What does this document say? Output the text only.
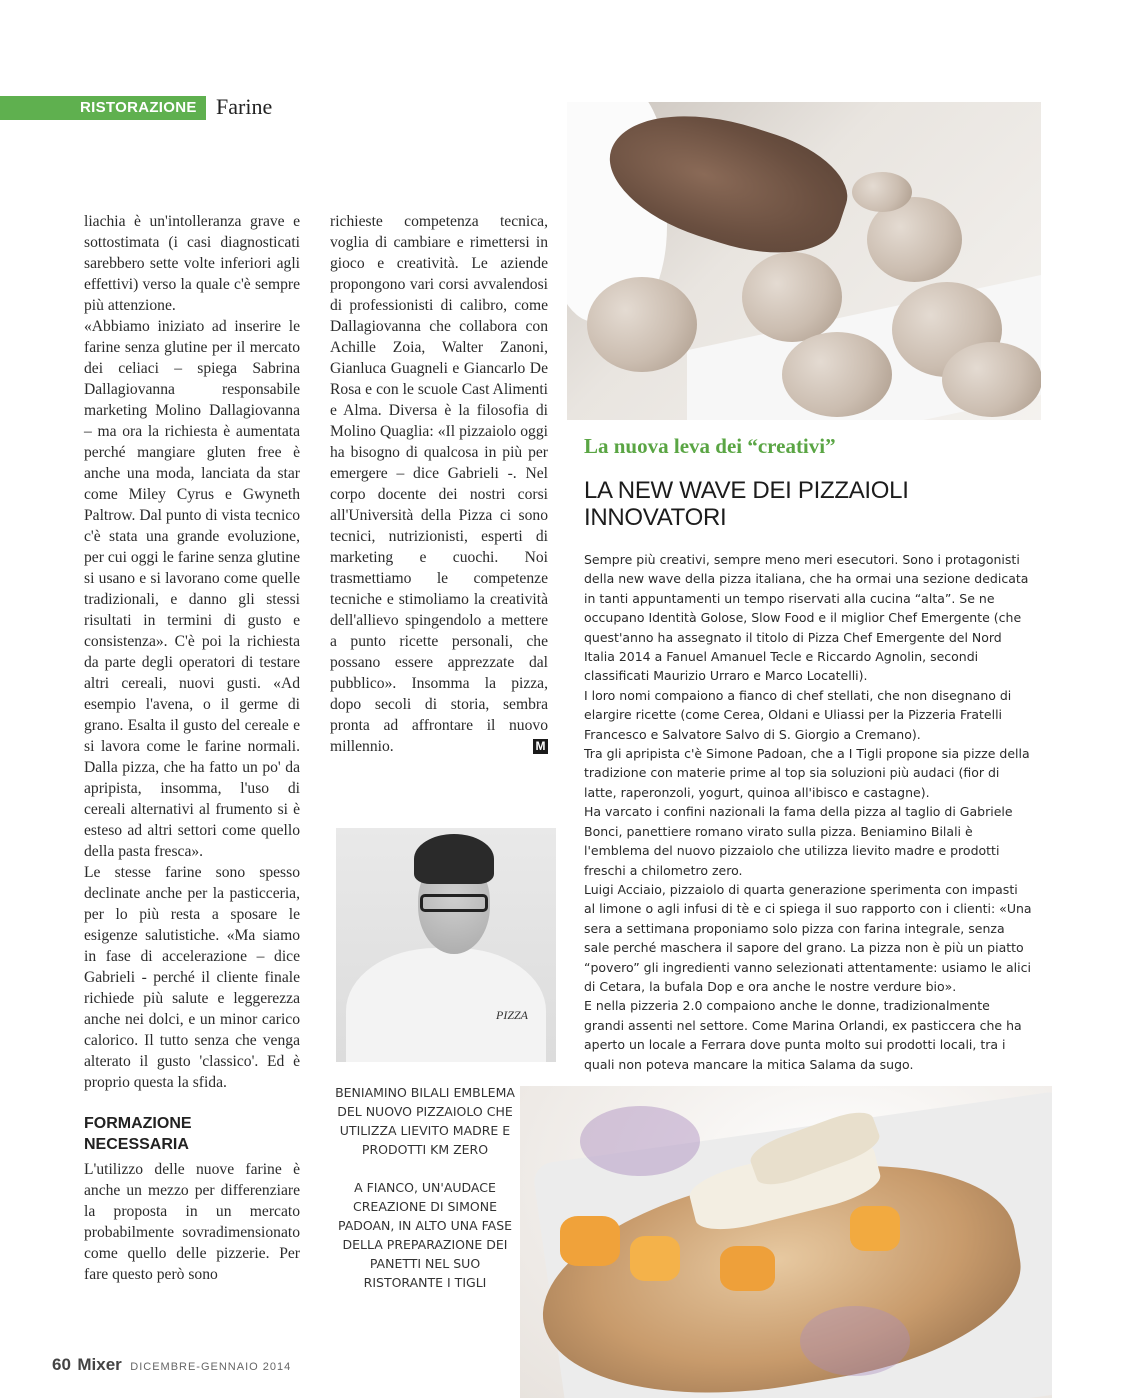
RISTORAZIONE Farine

liachia è un'intolleranza grave e sottostimata (i casi diagnosticati sarebbero sette volte inferiori agli effettivi) verso la quale c'è sempre più attenzione.

«Abbiamo iniziato ad inserire le farine senza glutine per il mercato dei celiaci – spiega Sabrina Dallagiovanna responsabile marketing Molino Dallagiovanna – ma ora la richiesta è aumentata perché mangiare gluten free è anche una moda, lanciata da star come Miley Cyrus e Gwyneth Paltrow. Dal punto di vista tecnico c'è stata una grande evoluzione, per cui oggi le farine senza glutine si usano e si lavorano come quelle tradizionali, e danno gli stessi risultati in termini di gusto e consistenza». C'è poi la richiesta da parte degli operatori di testare altri cereali, nuovi gusti. «Ad esempio l'avena, o il germe di grano. Esalta il gusto del cereale e si lavora come le farine normali. Dalla pizza, che ha fatto un po' da apripista, insomma, l'uso di cereali alternativi al frumento si è esteso ad altri settori come quello della pasta fresca».

Le stesse farine sono spesso declinate anche per la pasticceria, per lo più resta a sposare le esigenze salutistiche. «Ma siamo in fase di accelerazione – dice Gabrieli - perché il cliente finale richiede più salute e leggerezza anche nei dolci, e un minor carico calorico. Il tutto senza che venga alterato il gusto 'classico'. Ed è proprio questa la sfida.

FORMAZIONE NECESSARIA

L'utilizzo delle nuove farine è anche un mezzo per differenziare la proposta in un mercato probabilmente sovradimensionato come quello delle pizzerie. Per fare questo però sono

richieste competenza tecnica, voglia di cambiare e rimettersi in gioco e creatività. Le aziende propongono vari corsi avvalendosi di professionisti di calibro, come Dallagiovanna che collabora con Achille Zoia, Walter Zanoni, Gianluca Guagneli e Giancarlo De Rosa e con le scuole Cast Alimenti e Alma. Diversa è la filosofia di Molino Quaglia: «Il pizzaiolo oggi ha bisogno di qualcosa in più per emergere – dice Gabrieli -. Nel corpo docente dei nostri corsi all'Università della Pizza ci sono tecnici, nutrizionisti, esperti di marketing e cuochi. Noi trasmettiamo le competenze tecniche e stimoliamo la creatività dell'allievo spingendolo a mettere a punto ricette personali, che possano essere apprezzate dal pubblico». Insomma la pizza, dopo secoli di storia, sembra pronta ad affrontare il nuovo millennio.	M

La nuova leva dei “creativi”
LA NEW WAVE DEI PIZZAIOLI INNOVATORI

Sempre più creativi, sempre meno meri esecutori. Sono i protagonisti della new wave della pizza italiana, che ha ormai una sezione dedicata in tanti appuntamenti un tempo riservati alla cucina “alta”. Se ne occupano Identità Golose, Slow Food e il miglior Chef Emergente (che quest'anno ha assegnato il titolo di Pizza Chef Emergente del Nord Italia 2014 a Fanuel Amanuel Tecle e Riccardo Agnolin, secondi classificati Maurizio Urraro e Marco Locatelli).

I loro nomi compaiono a fianco di chef stellati, che non disegnano di elargire ricette (come Cerea, Oldani e Uliassi per la Pizzeria Fratelli Francesco e Salvatore Salvo di S. Giorgio a Cremano).

Tra gli apripista c'è Simone Padoan, che a I Tigli propone sia pizze della tradizione con materie prime al top sia soluzioni più audaci (fior di latte, raperonzoli, yogurt, quinoa all'ibisco e castagne).

Ha varcato i confini nazionali la fama della pizza al taglio di Gabriele Bonci, panettiere romano virato sulla pizza. Beniamino Bilali è l'emblema del nuovo pizzaiolo che utilizza lievito madre e prodotti freschi a chilometro zero.

Luigi Acciaio, pizzaiolo di quarta generazione sperimenta con impasti al limone o agli infusi di tè e ci spiega il suo rapporto con i clienti: «Una sera a settimana proponiamo solo pizza con farina integrale, senza sale perché maschera il sapore del grano. La pizza non è più un piatto “povero” gli ingredienti vanno selezionati attentamente: usiamo le alici di Cetara, la bufala Dop e ora anche le nostre verdure bio».

E nella pizzeria 2.0 compaiono anche le donne, tradizionalmente grandi assenti nel settore. Come Marina Orlandi, ex pasticcera che ha aperto un locale a Ferrara dove punta molto sui prodotti locali, tra i quali non poteva mancare la mitica Salama da sugo.

PIZZA
BENIAMINO BILALI EMBLEMA DEL NUOVO PIZZAIOLO CHE UTILIZZA LIEVITO MADRE E PRODOTTI KM ZERO
A FIANCO, UN'AUDACE CREAZIONE DI SIMONE PADOAN, IN ALTO UNA FASE DELLA PREPARAZIONE DEI PANETTI NEL SUO RISTORANTE I TIGLI
60 Mixer DICEMBRE-GENNAIO 2014
